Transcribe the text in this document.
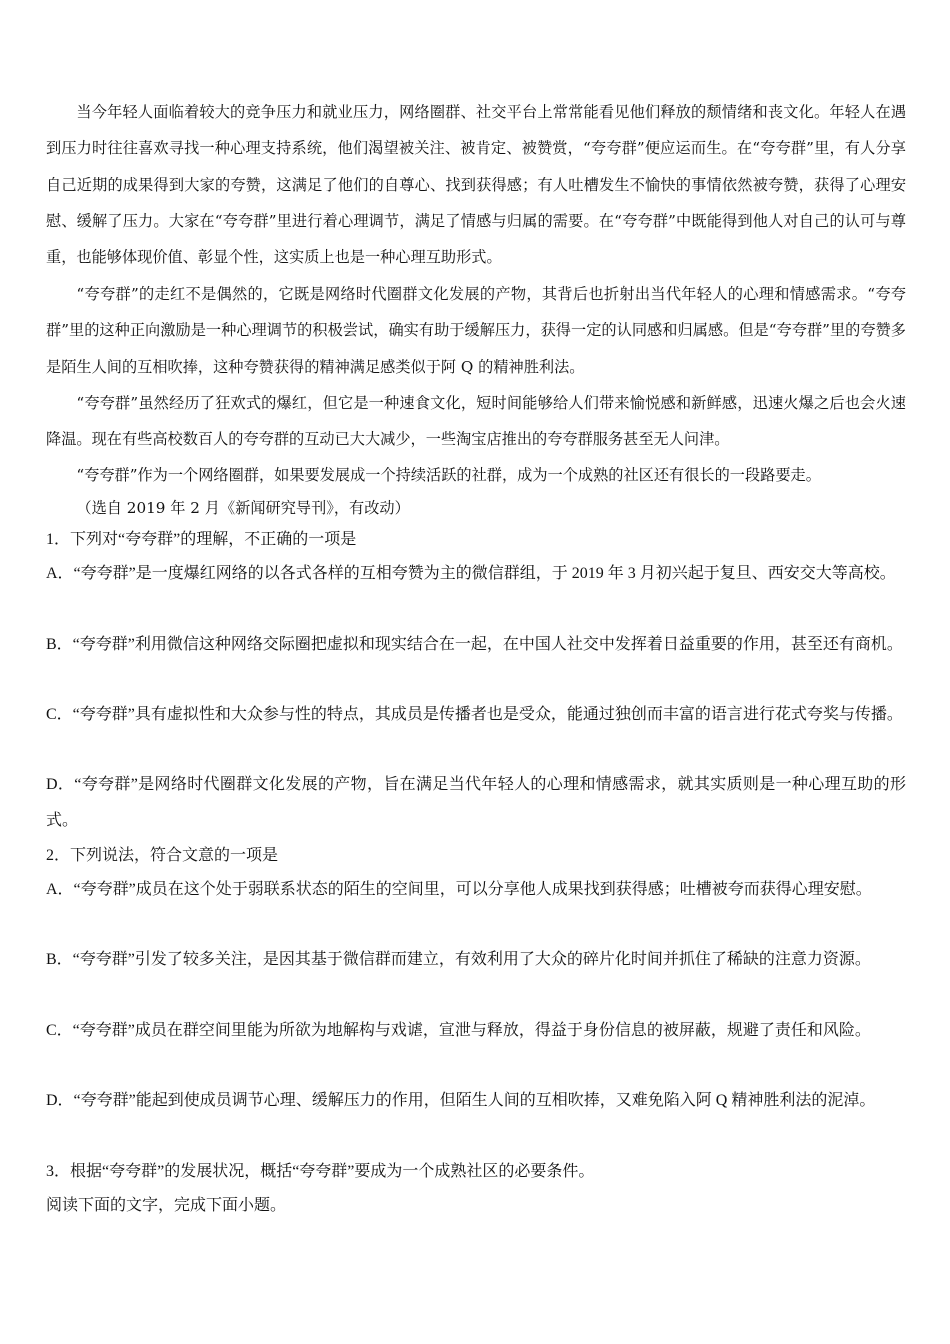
当今年轻人面临着较大的竞争压力和就业压力，网络圈群、社交平台上常常能看见他们释放的颓情绪和丧文化。年轻人在遇到压力时往往喜欢寻找一种心理支持系统，他们渴望被关注、被肯定、被赞赏，“夸夸群”便应运而生。在“夸夸群”里，有人分享自己近期的成果得到大家的夸赞，这满足了他们的自尊心、找到获得感；有人吐槽发生不愉快的事情依然被夸赞，获得了心理安慰、缓解了压力。大家在“夸夸群”里进行着心理调节，满足了情感与归属的需要。在“夸夸群”中既能得到他人对自己的认可与尊重，也能够体现价值、彰显个性，这实质上也是一种心理互助形式。

“夸夸群”的走红不是偶然的，它既是网络时代圈群文化发展的产物，其背后也折射出当代年轻人的心理和情感需求。“夸夸群”里的这种正向激励是一种心理调节的积极尝试，确实有助于缓解压力，获得一定的认同感和归属感。但是“夸夸群”里的夸赞多是陌生人间的互相吹捧，这种夸赞获得的精神满足感类似于阿 Q 的精神胜利法。

“夸夸群”虽然经历了狂欢式的爆红，但它是一种速食文化，短时间能够给人们带来愉悦感和新鲜感，迅速火爆之后也会火速降温。现在有些高校数百人的夸夸群的互动已大大减少，一些淘宝店推出的夸夸群服务甚至无人问津。

“夸夸群”作为一个网络圈群，如果要发展成一个持续活跃的社群，成为一个成熟的社区还有很长的一段路要走。

（选自 2019 年 2 月《新闻研究导刊》，有改动）

1．下列对“夸夸群”的理解，不正确的一项是

A．“夸夸群”是一度爆红网络的以各式各样的互相夸赞为主的微信群组，于 2019 年 3 月初兴起于复旦、西安交大等高校。

B．“夸夸群”利用微信这种网络交际圈把虚拟和现实结合在一起，在中国人社交中发挥着日益重要的作用，甚至还有商机。

C．“夸夸群”具有虚拟性和大众参与性的特点，其成员是传播者也是受众，能通过独创而丰富的语言进行花式夸奖与传播。

D．“夸夸群”是网络时代圈群文化发展的产物，旨在满足当代年轻人的心理和情感需求，就其实质则是一种心理互助的形式。

2．下列说法，符合文意的一项是

A．“夸夸群”成员在这个处于弱联系状态的陌生的空间里，可以分享他人成果找到获得感；吐槽被夸而获得心理安慰。

B．“夸夸群”引发了较多关注，是因其基于微信群而建立，有效利用了大众的碎片化时间并抓住了稀缺的注意力资源。

C．“夸夸群”成员在群空间里能为所欲为地解构与戏谑，宣泄与释放，得益于身份信息的被屏蔽，规避了责任和风险。

D．“夸夸群”能起到使成员调节心理、缓解压力的作用，但陌生人间的互相吹捧，又难免陷入阿 Q 精神胜利法的泥淖。

3．根据“夸夸群”的发展状况，概括“夸夸群”要成为一个成熟社区的必要条件。

阅读下面的文字，完成下面小题。
